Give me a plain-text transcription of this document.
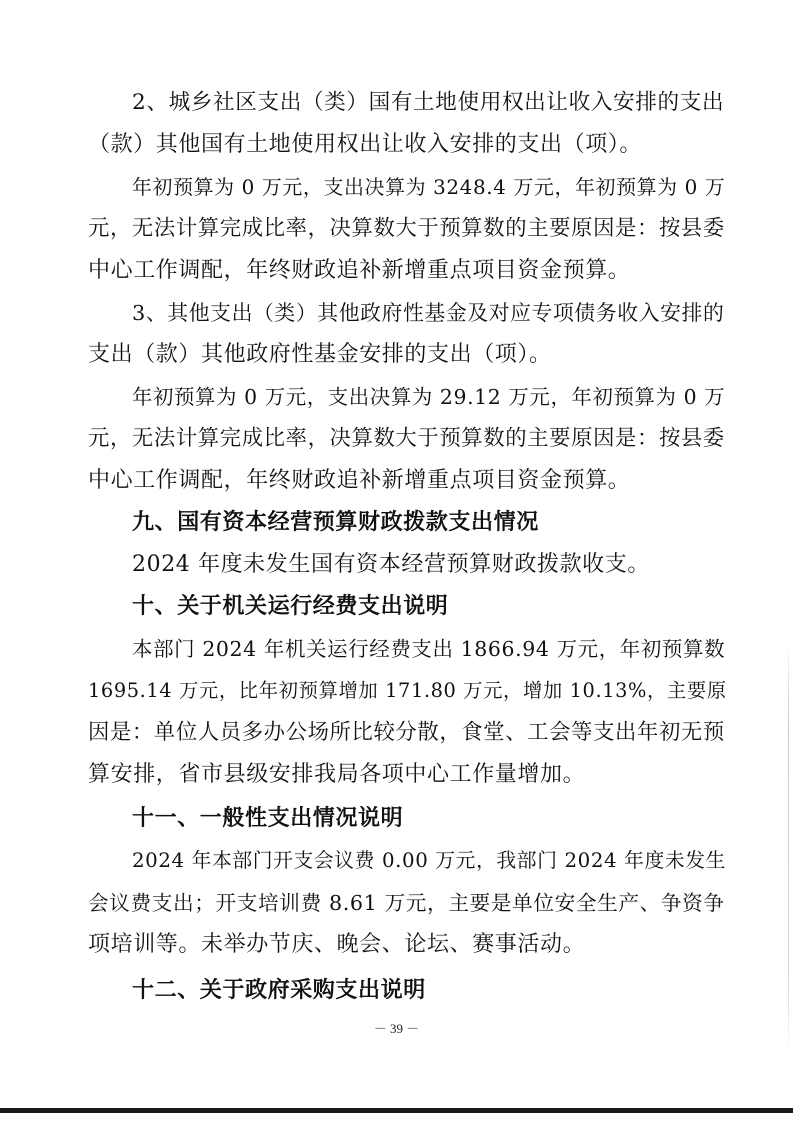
2、城乡社区支出（类）国有土地使用权出让收入安排的支出
（款）其他国有土地使用权出让收入安排的支出（项）。
年初预算为 0 万元，支出决算为 3248.4 万元，年初预算为 0 万
元，无法计算完成比率，决算数大于预算数的主要原因是：按县委
中心工作调配，年终财政追补新增重点项目资金预算。
3、其他支出（类）其他政府性基金及对应专项债务收入安排的
支出（款）其他政府性基金安排的支出（项）。
年初预算为 0 万元，支出决算为 29.12 万元，年初预算为 0 万
元，无法计算完成比率，决算数大于预算数的主要原因是：按县委
中心工作调配，年终财政追补新增重点项目资金预算。
九、国有资本经营预算财政拨款支出情况
2024 年度未发生国有资本经营预算财政拨款收支。
十、关于机关运行经费支出说明
本部门 2024 年机关运行经费支出 1866.94 万元，年初预算数
1695.14 万元，比年初预算增加 171.80 万元，增加 10.13%，主要原
因是：单位人员多办公场所比较分散，食堂、工会等支出年初无预
算安排，省市县级安排我局各项中心工作量增加。
十一、一般性支出情况说明
2024 年本部门开支会议费 0.00 万元，我部门 2024 年度未发生
会议费支出；开支培训费 8.61 万元，主要是单位安全生产、争资争
项培训等。未举办节庆、晚会、论坛、赛事活动。
十二、关于政府采购支出说明
－ 39 －
